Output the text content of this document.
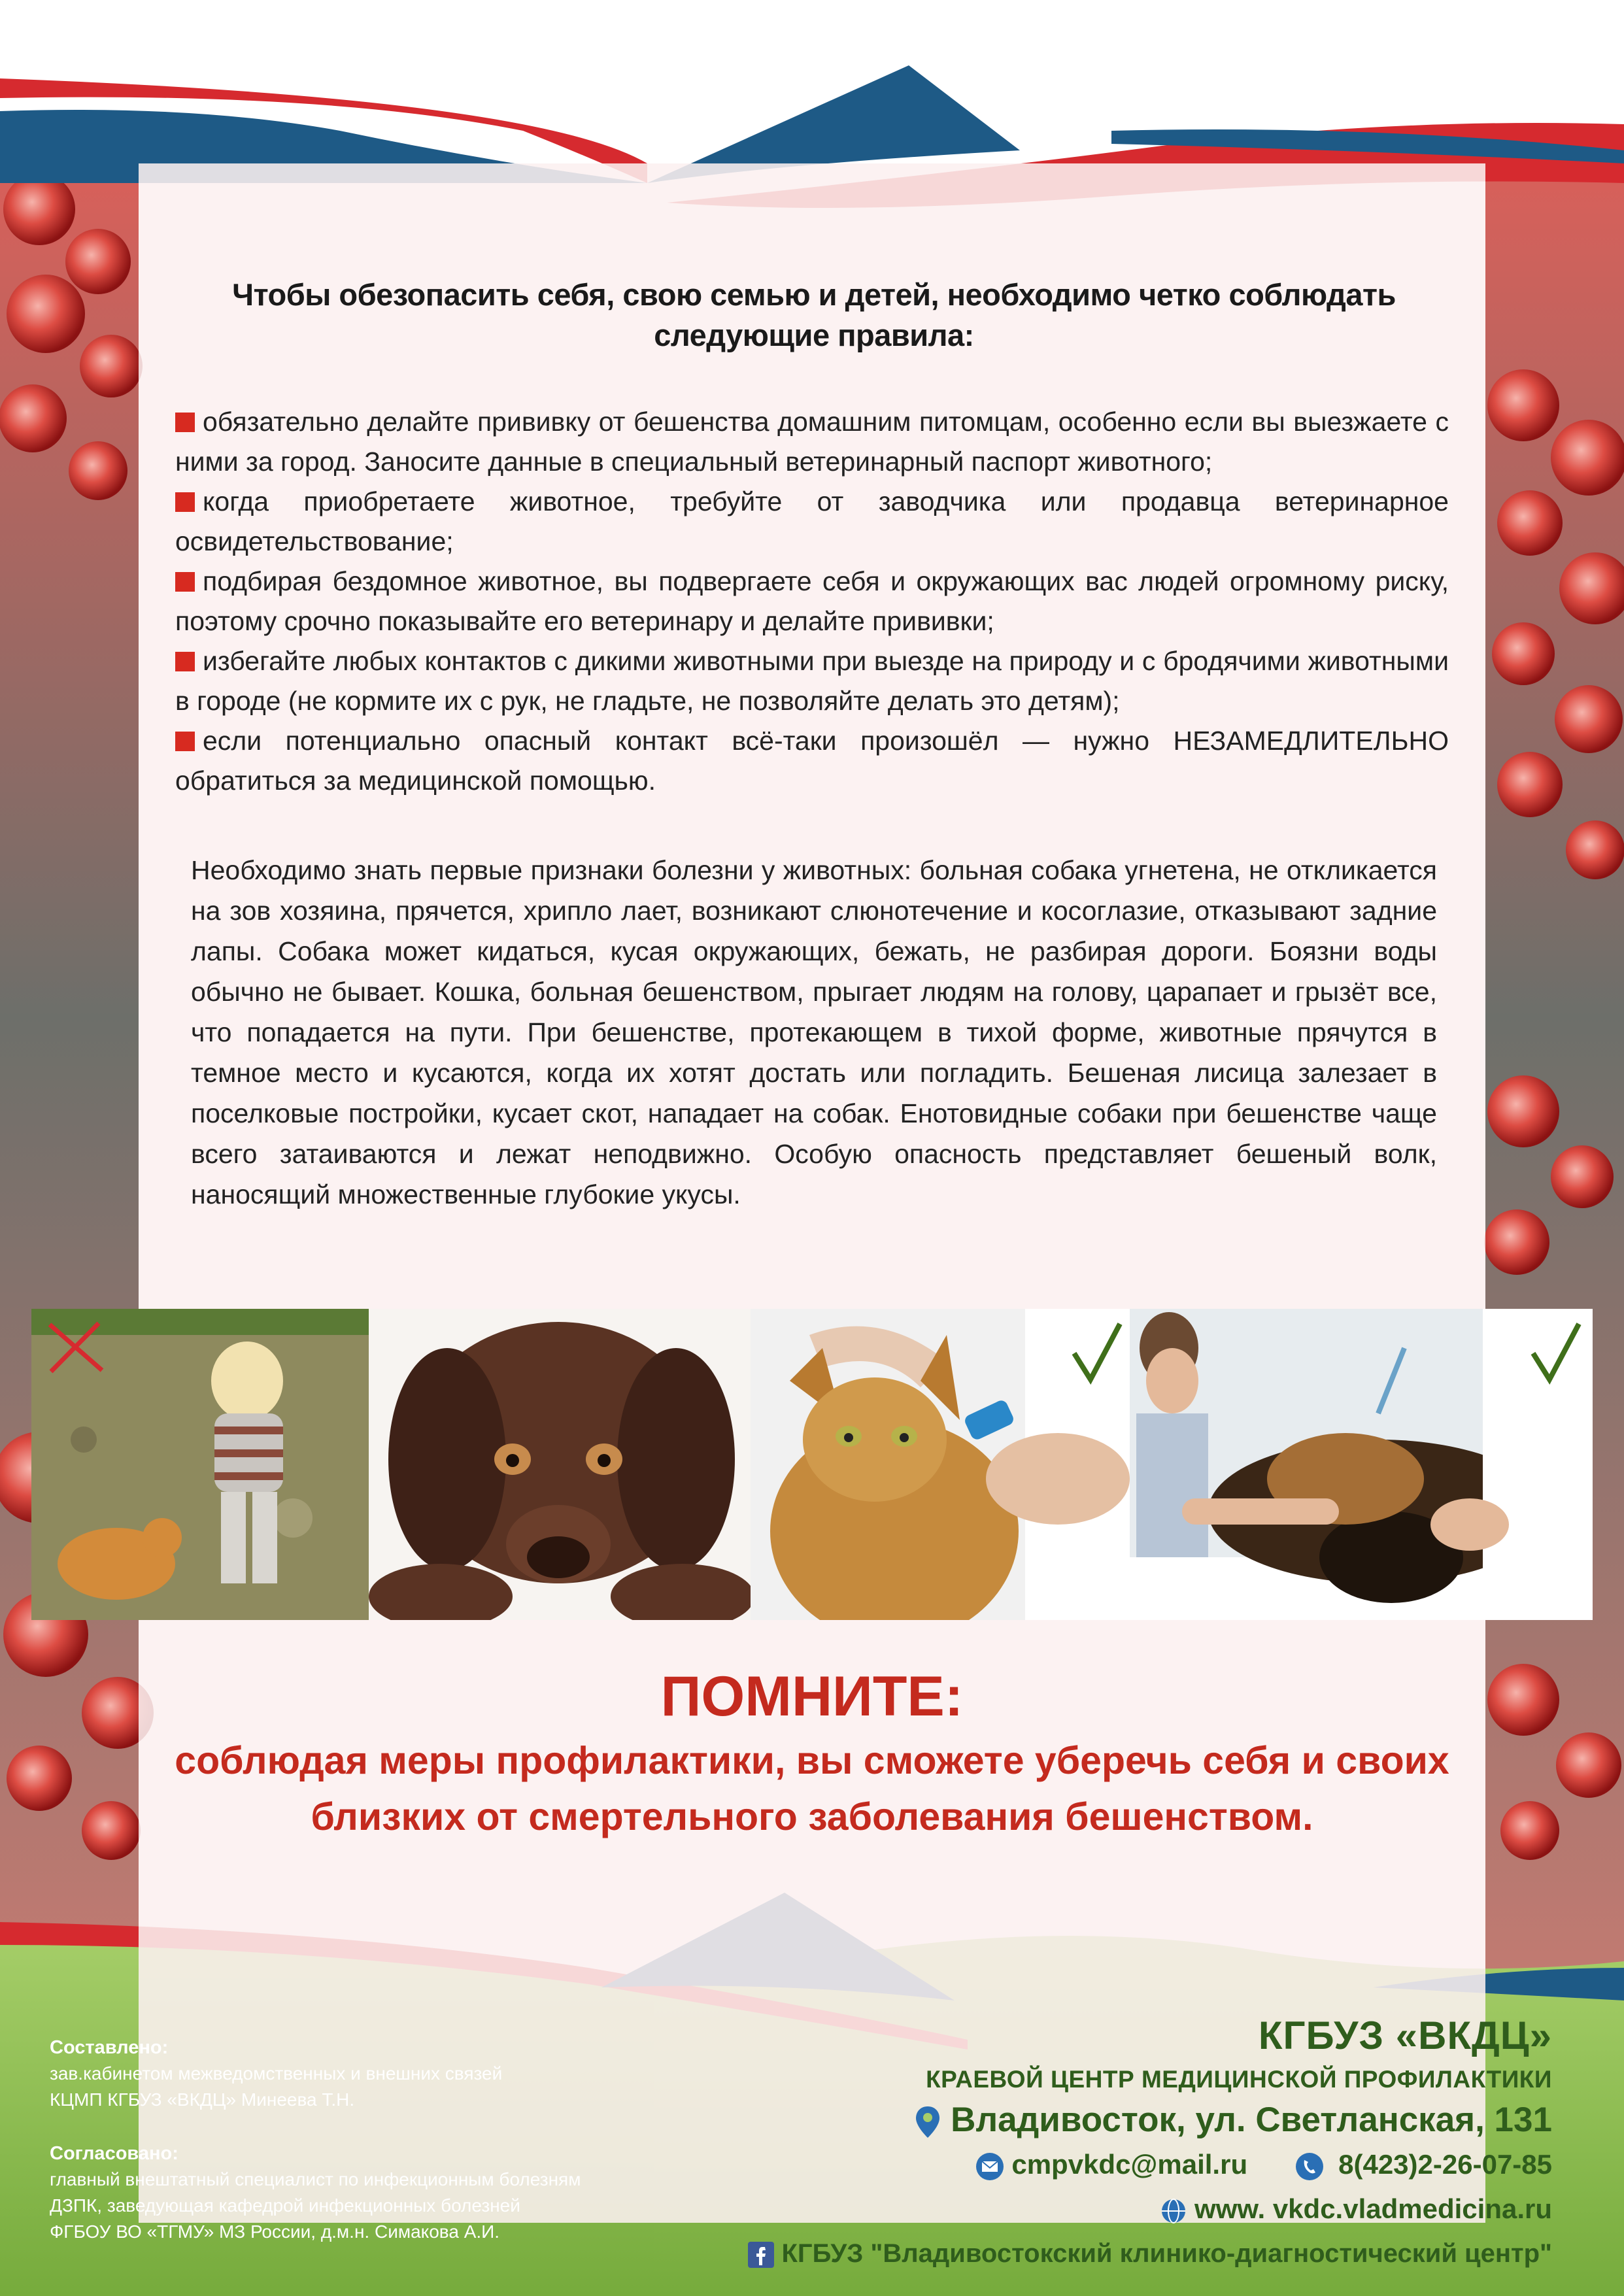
Чтобы обезопасить себя, свою семью и детей, необходимо четко соблюдать следующие правила:

обязательно делайте прививку от бешенства домашним питомцам, особенно если вы выезжаете с ними за город. Заносите данные в специальный ветеринарный паспорт животного;

когда приобретаете животное, требуйте от заводчика или продавца ветеринарное освидетельствование;

подбирая бездомное животное, вы подвергаете себя и окружающих вас людей огромному риску, поэтому срочно показывайте его ветеринару и делайте прививки;

избегайте любых контактов с дикими животными при выезде на природу и с бродячими животными в городе (не кормите их с рук, не гладьте, не позволяйте делать это детям);

если потенциально опасный контакт всё-таки произошёл — нужно НЕЗАМЕДЛИТЕЛЬНО обратиться за медицинской помощью.

Необходимо знать первые признаки болезни у животных: больная собака угнетена, не откликается на зов хозяина, прячется, хрипло лает, возникают слюнотечение и косоглазие, отказывают задние лапы. Собака может кидаться, кусая окружающих, бежать, не разбирая дороги. Боязни воды обычно не бывает. Кошка, больная бешенством, прыгает людям на голову, царапает и грызёт все, что попадается на пути. При бешенстве, протекающем в тихой форме, животные прячутся в темное место и кусаются, когда их хотят достать или погладить. Бешеная лисица залезает в поселковые постройки, кусает скот, нападает на собак. Енотовидные собаки при бешенстве чаще всего затаиваются и лежат неподвижно. Особую опасность представляет бешеный волк, наносящий множественные глубокие укусы.
ПОМНИТЕ:
соблюдая меры профилактики, вы сможете уберечь себя и своих близких от смертельного заболевания бешенством.
Составлено:
зав.кабинетом межведомственных и внешних связей
КЦМП КГБУЗ «ВКДЦ» Минеева Т.Н.
Согласовано:
главный внештатный специалист по инфекционным болезням
ДЗПК, заведующая кафедрой инфекционных болезней
ФГБОУ ВО «ТГМУ» МЗ России, д.м.н. Симакова А.И.
КГБУЗ «ВКДЦ»
КРАЕВОЙ ЦЕНТР МЕДИЦИНСКОЙ ПРОФИЛАКТИКИ
Владивосток, ул. Светланская, 131
cmpvkdc@mail.ru	8(423)2-26-07-85
www. vkdc.vladmedicina.ru
КГБУЗ "Владивостокский клинико-диагностический центр"
